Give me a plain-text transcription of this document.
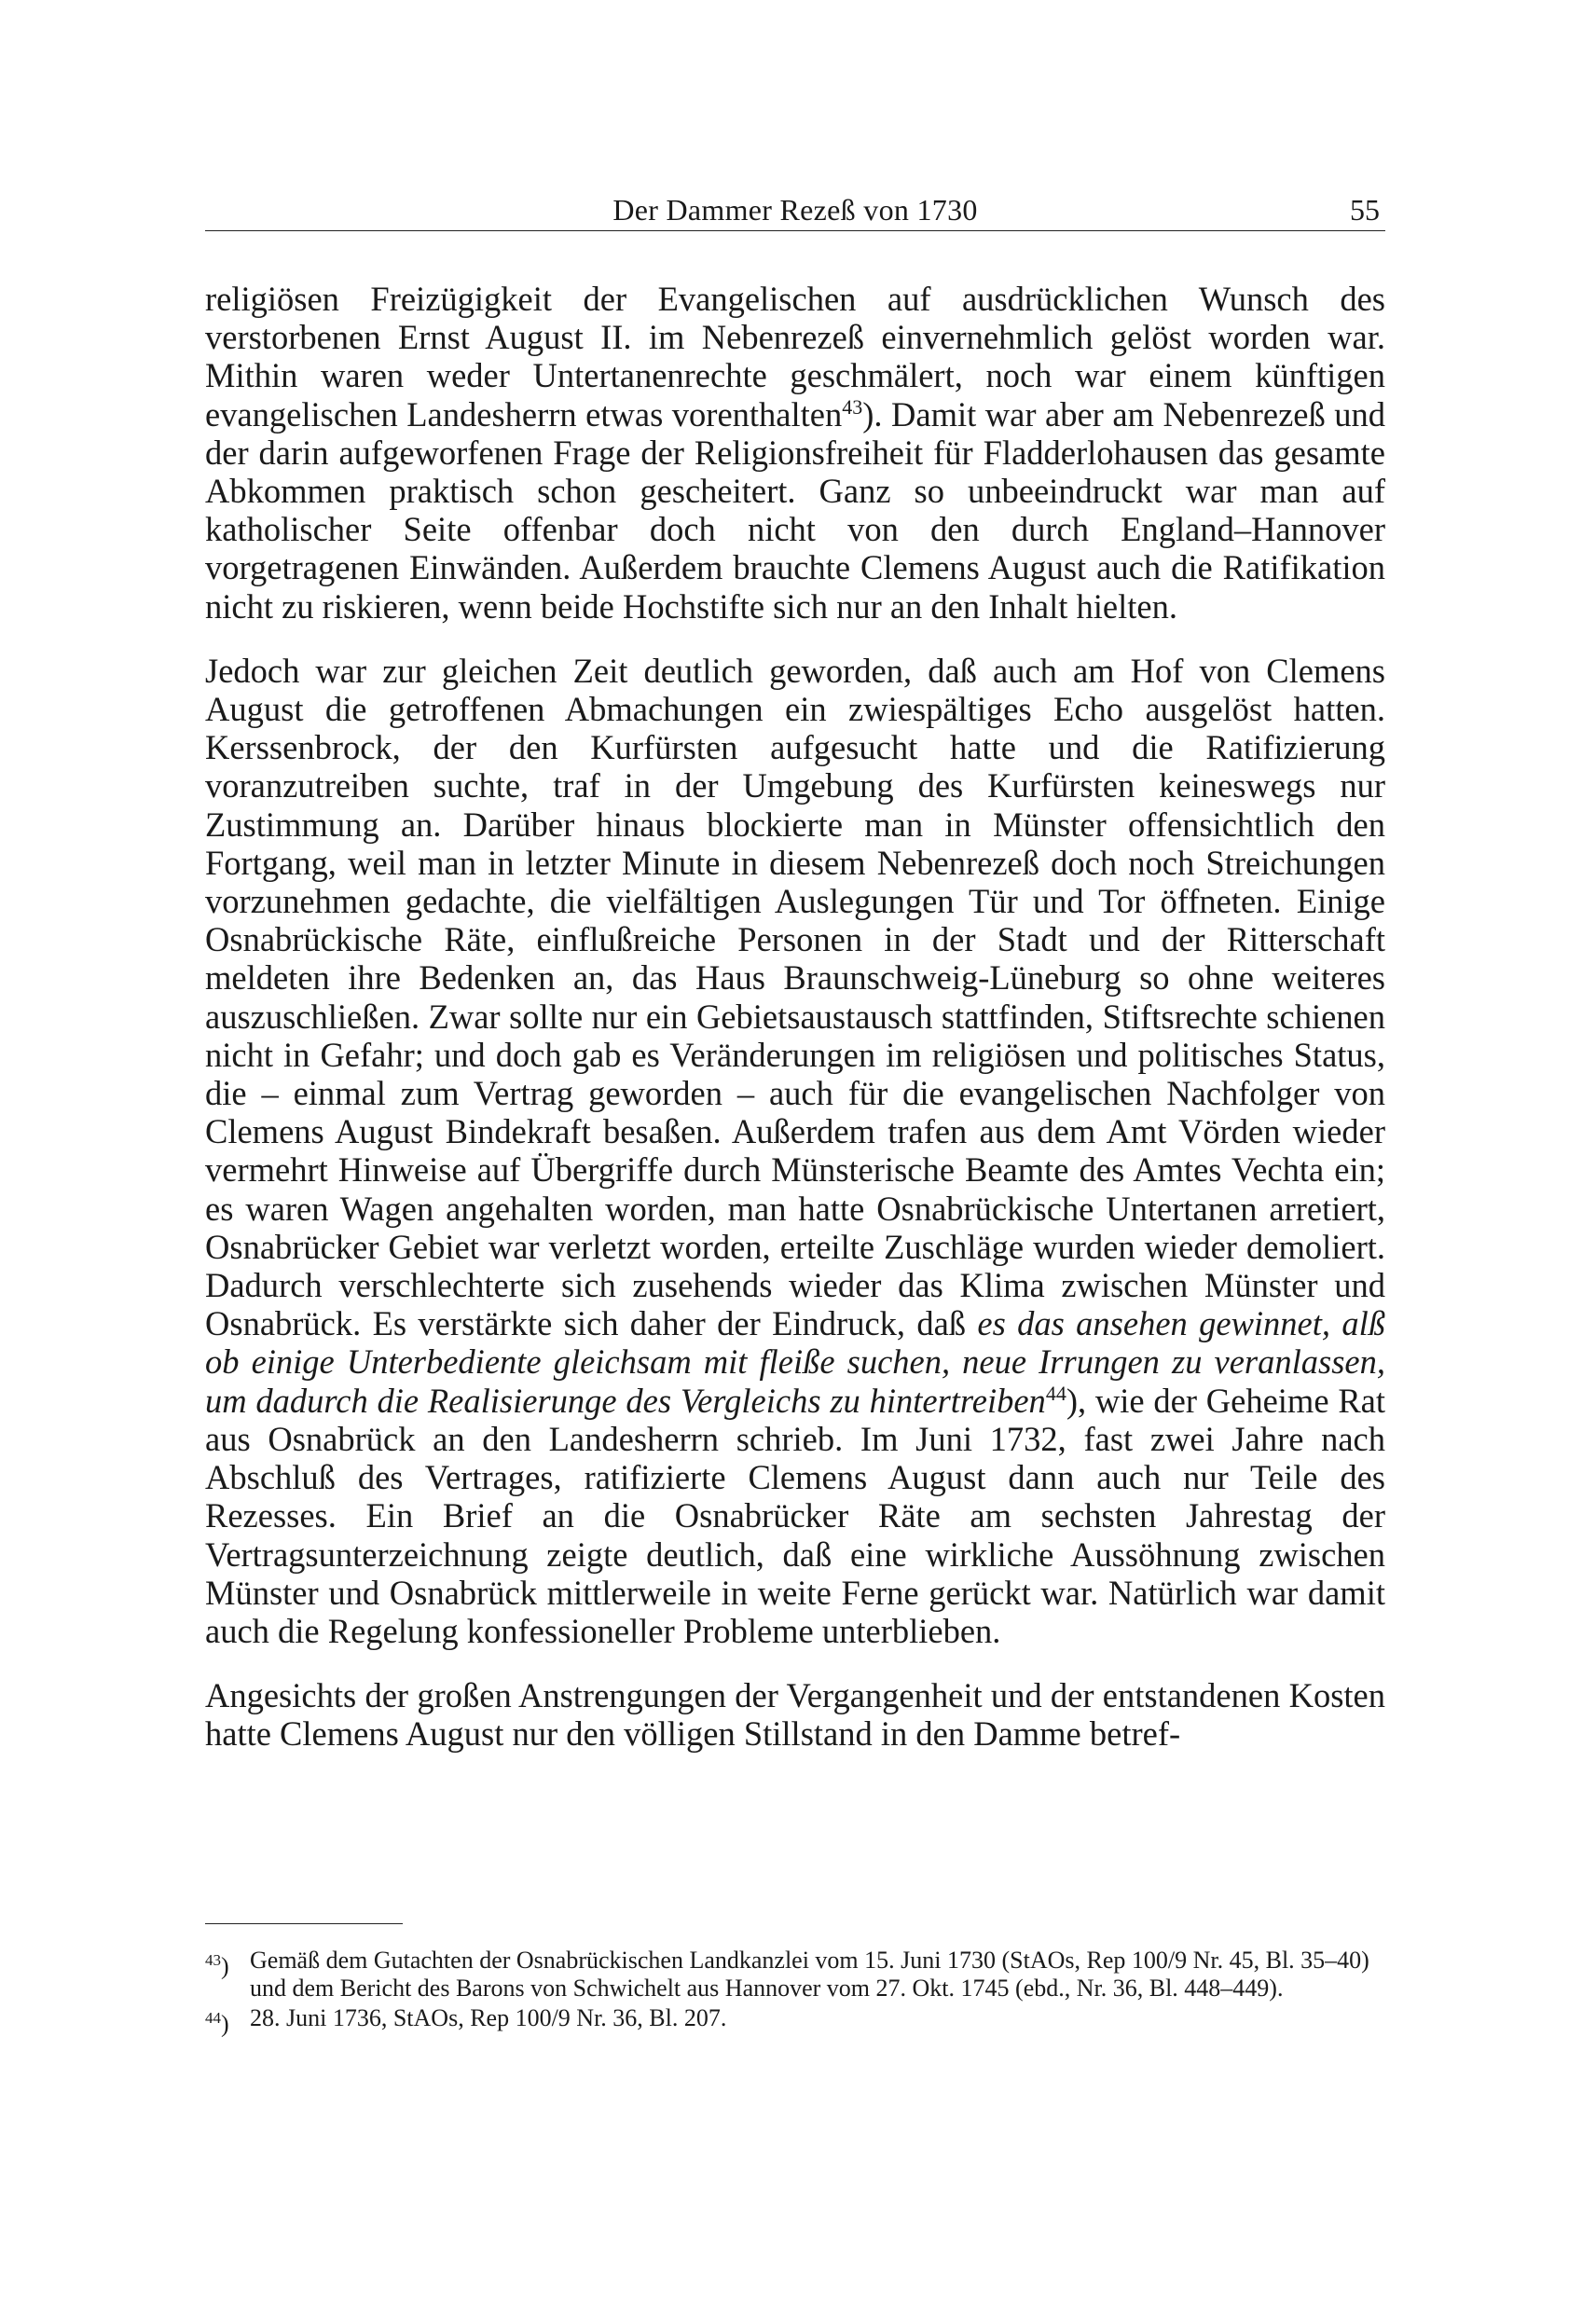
Der Dammer Rezeß von 1730	55

religiösen Freizügigkeit der Evangelischen auf ausdrücklichen Wunsch des verstorbenen Ernst August II. im Nebenrezeß einvernehmlich gelöst worden war. Mithin waren weder Untertanenrechte geschmälert, noch war einem künftigen evangelischen Landesherrn etwas vorenthalten$^{43}$). Damit war aber am Nebenrezeß und der darin aufgeworfenen Frage der Religionsfreiheit für Fladderlohausen das gesamte Abkommen praktisch schon gescheitert. Ganz so unbeeindruckt war man auf katholischer Seite offenbar doch nicht von den durch England–Hannover vorgetragenen Einwänden. Außerdem brauchte Clemens August auch die Ratifikation nicht zu riskieren, wenn beide Hochstifte sich nur an den Inhalt hielten.

Jedoch war zur gleichen Zeit deutlich geworden, daß auch am Hof von Clemens August die getroffenen Abmachungen ein zwiespältiges Echo ausgelöst hatten. Kerssenbrock, der den Kurfürsten aufgesucht hatte und die Ratifizierung voranzutreiben suchte, traf in der Umgebung des Kurfürsten keineswegs nur Zustimmung an. Darüber hinaus blockierte man in Münster offensichtlich den Fortgang, weil man in letzter Minute in diesem Nebenrezeß doch noch Streichungen vorzunehmen gedachte, die vielfältigen Auslegungen Tür und Tor öffneten. Einige Osnabrückische Räte, einflußreiche Personen in der Stadt und der Ritterschaft meldeten ihre Bedenken an, das Haus Braunschweig-Lüneburg so ohne weiteres auszuschließen. Zwar sollte nur ein Gebietsaustausch stattfinden, Stiftsrechte schienen nicht in Gefahr; und doch gab es Veränderungen im religiösen und politisches Status, die – einmal zum Vertrag geworden – auch für die evangelischen Nachfolger von Clemens August Bindekraft besaßen. Außerdem trafen aus dem Amt Vörden wieder vermehrt Hinweise auf Übergriffe durch Münsterische Beamte des Amtes Vechta ein; es waren Wagen angehalten worden, man hatte Osnabrückische Untertanen arretiert, Osnabrücker Gebiet war verletzt worden, erteilte Zuschläge wurden wieder demoliert. Dadurch verschlechterte sich zusehends wieder das Klima zwischen Münster und Osnabrück. Es verstärkte sich daher der Eindruck, daß es das ansehen gewinnet, alß ob einige Unterbediente gleichsam mit fleiße suchen, neue Irrungen zu veranlassen, um dadurch die Realisierunge des Vergleichs zu hintertreiben$^{44}$), wie der Geheime Rat aus Osnabrück an den Landesherrn schrieb. Im Juni 1732, fast zwei Jahre nach Abschluß des Vertrages, ratifizierte Clemens August dann auch nur Teile des Rezesses. Ein Brief an die Osnabrücker Räte am sechsten Jahrestag der Vertragsunterzeichnung zeigte deutlich, daß eine wirkliche Aussöhnung zwischen Münster und Osnabrück mittlerweile in weite Ferne gerückt war. Natürlich war damit auch die Regelung konfessioneller Probleme unterblieben.

Angesichts der großen Anstrengungen der Vergangenheit und der entstandenen Kosten hatte Clemens August nur den völligen Stillstand in den Damme betref-

$^{43}$) Gemäß dem Gutachten der Osnabrückischen Landkanzlei vom 15. Juni 1730 (StAOs, Rep 100/9 Nr. 45, Bl. 35–40) und dem Bericht des Barons von Schwichelt aus Hannover vom 27. Okt. 1745 (ebd., Nr. 36, Bl. 448–449).
$^{44}$) 28. Juni 1736, StAOs, Rep 100/9 Nr. 36, Bl. 207.
